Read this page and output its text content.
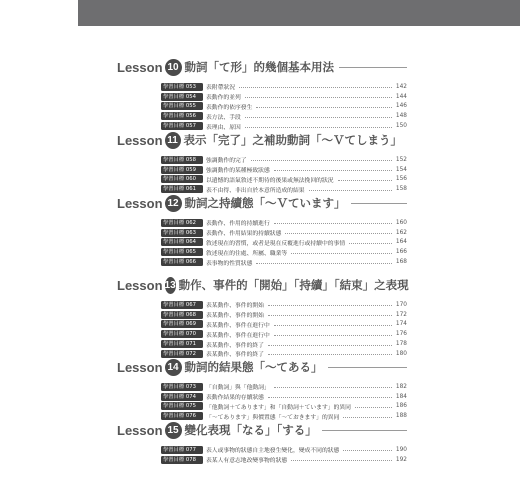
Lesson 10 動詞「て形」的幾個基本用法
學習目標 053	表附帶狀況	142
學習目標 054	表動作的並列	144
學習目標 055	表動作的依序發生	146
學習目標 056	表方法、手段	148
學習目標 057	表理由、原因	150
Lesson 11 表示「完了」之補助動詞「～Ｖてしまう」
學習目標 058	強調動作的完了	152
學習目標 059	強調動作的某種極致狀態	154
學習目標 060	以遺憾的語氣敘述不期待的後果或無法挽回的狀況	156
學習目標 061	表不由得、非出自於本意所造成的結果	158
Lesson 12 動詞之持續態「～Ｖています」
學習目標 062	表動作、作用的持續進行	160
學習目標 063	表動作、作用結果的持續狀態	162
學習目標 064	敘述現在的習慣，或者是現在反覆進行或持續中的事情	164
學習目標 065	敘述現在的住處、所屬、職業等	166
學習目標 066	表事物的性質狀態	168
Lesson 13 動作、事件的「開始」「持續」「結束」之表現
學習目標 067	表某動作、事件的開始	170
學習目標 068	表某動作、事件的開始	172
學習目標 069	表某動作、事件在進行中	174
學習目標 070	表某動作、事件在進行中	176
學習目標 071	表某動作、事件的終了	178
學習目標 072	表某動作、事件的終了	180
Lesson 14 動詞的結果態「～てある」
學習目標 073	「自動詞」與「他動詞」	182
學習目標 074	表動作結果的存續狀態	184
學習目標 075	「他動詞＋てあります」和「自動詞＋ています」的異同	186
學習目標 076	「～てあります」與價置態「～ておきます」的異同	188
Lesson 15 變化表現「なる」「する」
學習目標 077	表人或事物的狀態自主地發生變化，變成不同的狀態	190
學習目標 078	表某人有意志地改變事物的狀態	192
